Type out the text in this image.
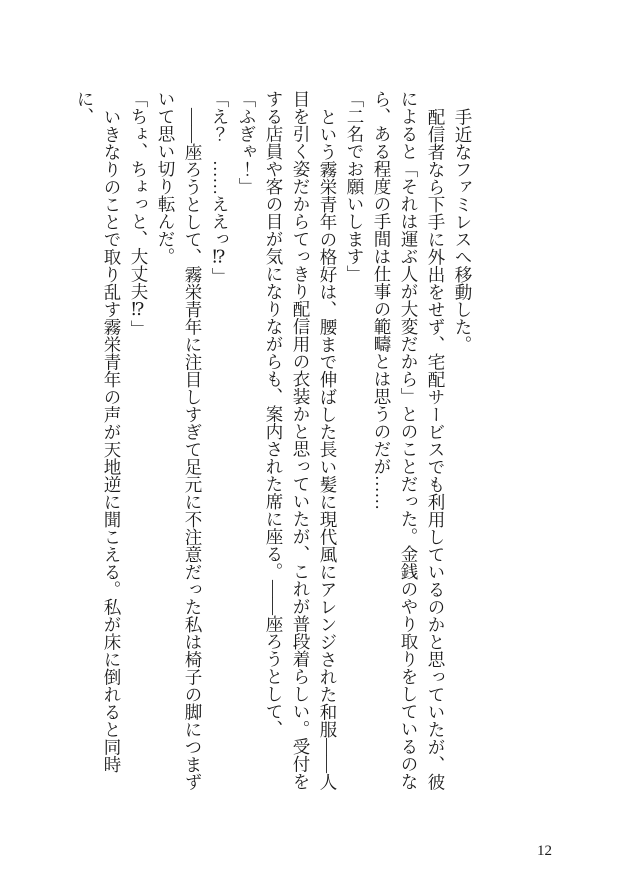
手近なファミレスへ移動した。

配信者なら下手に外出をせず、宅配サービスでも利用しているのかと思っていたが、彼によると「それは運ぶ人が大変だから」とのことだった。金銭のやり取りをしているのなら、ある程度の手間は仕事の範疇とは思うのだが……

「二名でお願いします」

という霧栄青年の格好は、腰まで伸ばした長い髪に現代風にアレンジされた和服――人目を引く姿だからてっきり配信用の衣装かと思っていたが、これが普段着らしい。受付をする店員や客の目が気になりながらも、案内された席に座る。――座ろうとして、

「ふぎゃ！」

「え？　……ええっ⁉」

――座ろうとして、霧栄青年に注目しすぎて足元に不注意だった私は椅子の脚につまずいて思い切り転んだ。

「ちょ、ちょっと、大丈夫⁉」

いきなりのことで取り乱す霧栄青年の声が天地逆に聞こえる。私が床に倒れると同時に、

12
